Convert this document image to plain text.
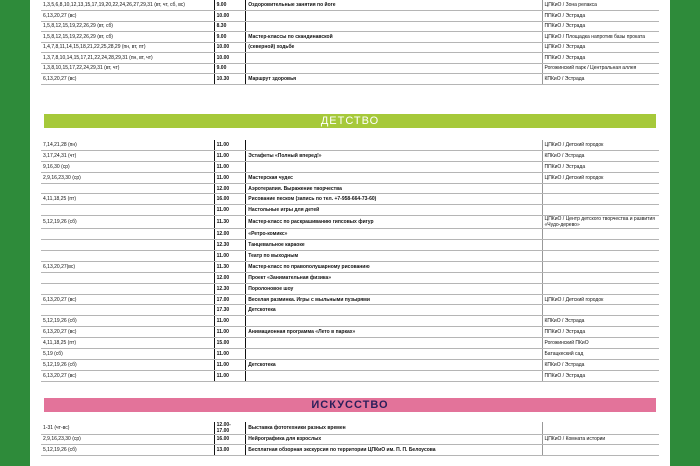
1,3,5,6,8,10,12,13,15,17,19,20,22,24,26,27,29,31 (вт, чт, сб, вс)	9.00	Оздоровительные занятия по йоге	ЦПКиО / Зона релакса
6,13,20,27 (вс)	10.00		ППКиО / Эстрада
1,5,8,12,15,19,22,26,29 (вт, сб)	8.30		ППКиО / Эстрада
1,5,8,12,15,19,22,26,29 (вт, сб)	9.00	Мастер-классы по скандинавской	ЦПКиО / Площадка напротив базы проката
1,4,7,8,11,14,15,18,21,22,25,28,29 (пн, вт, пт)	10.00	(северной) ходьбе	ЦПКиО / Эстрада
1,3,7,8,10,14,15,17,21,22,24,28,29,31 (пн, вт, чт)	10.00		ППКиО / Эстрада
1,3,8,10,15,17,22,24,29,31 (вт, чт)	9.00		Рогожинский парк / Центральная аллея
6,13,20,27 (вс)	10.30	Маршрут здоровья	КПКиО / Эстрада
ДЕТСТВО
7,14,21,28 (пн)	11.00		ЦПКиО / Детский городок
3,17,24,31 (чт)	11.00	Эстафеты «Полный вперед!»	КПКиО / Эстрада
9,16,30 (ср)	11.00		ППКиО / Эстрада
2,9,16,23,30 (ср)	11.00	Мастерская чудес	ЦПКиО / Детский городок
	12.00	Аэротерапия. Выражение творчества	
4,11,18,25 (пт)	16.00	Рисование песком (запись по тел. +7-958-664-73-60)	
	11.00	Настольные игры для детей	
5,12,19,26 (сб)	11.30	Мастер-класс по раскрашиванию гипсовых фигур	ЦПКиО / Центр детского творчества и развития «Чудо-дерево»
	12.00	«Ретро-комикс»	
	12.30	Танцевальное караоке	
	11.00	Театр по выходным	
6,13,20,27(вс)	11.30	Мастер-класс по правополушарному рисованию	
	12.00	Проект «Занимательная физика»	
	12.30	Поролоновое шоу	
6,13,20,27 (вс)	17.00	Веселая разминка. Игры с мыльными пузырями	ЦПКиО / Детский городок
	17.30	Детскотека	
5,12,19,26 (сб)	11.00		КПКиО / Эстрада
6,13,20,27 (вс)	11.00	Анимационная программа «Лето в парках»	ППКиО / Эстрада
4,11,18,25 (пт)	15.00		Рогожинский ПКиО
5,19 (сб)	11.00		Батацкеский сад
5,12,19,26 (сб)	11.00	Детскотека	КПКиО / Эстрада
6,13,20,27 (вс)	11.00		ППКиО / Эстрада
ИСКУССТВО
1-31 (чт-вс)	12.00-17.00	Выставка фототехники разных времен	
2,9,16,23,30 (ср)	16.00	Нейрографика для взрослых	ЦПКиО / Комната истории
5,12,19,26 (сб)	13.00	Бесплатная обзорная экскурсия по территории ЦПКиО им. П. П. Белоусова	
